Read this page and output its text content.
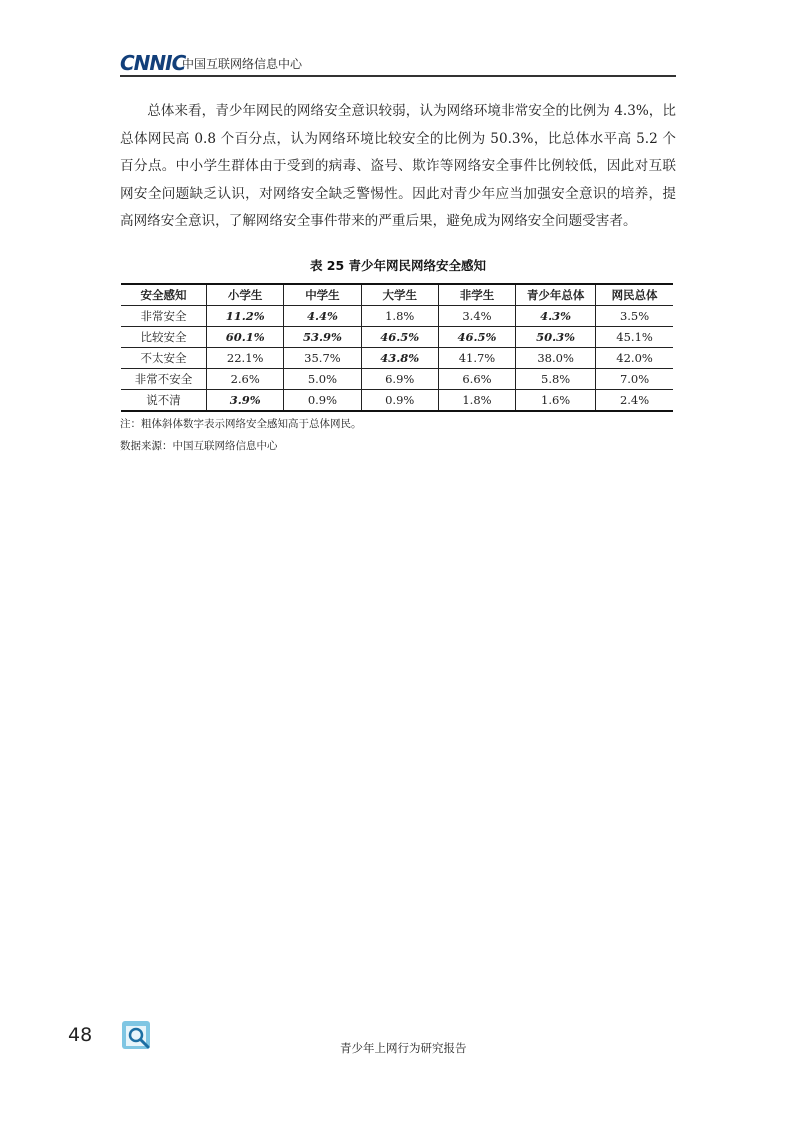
CNNIC
中国互联网络信息中心

总体来看，青少年网民的网络安全意识较弱，认为网络环境非常安全的比例为 4.3%，比总体网民高 0.8 个百分点，认为网络环境比较安全的比例为 50.3%，比总体水平高 5.2 个百分点。中小学生群体由于受到的病毒、盗号、欺诈等网络安全事件比例较低，因此对互联网安全问题缺乏认识，对网络安全缺乏警惕性。因此对青少年应当加强安全意识的培养，提高网络安全意识，了解网络安全事件带来的严重后果，避免成为网络安全问题受害者。

表 25 青少年网民网络安全感知
安全感知	小学生	中学生	大学生	非学生	青少年总体	网民总体
非常安全	11.2%	4.4%	1.8%	3.4%	4.3%	3.5%
比较安全	60.1%	53.9%	46.5%	46.5%	50.3%	45.1%
不太安全	22.1%	35.7%	43.8%	41.7%	38.0%	42.0%
非常不安全	2.6%	5.0%	6.9%	6.6%	5.8%	7.0%
说不清	3.9%	0.9%	0.9%	1.8%	1.6%	2.4%
注：粗体斜体数字表示网络安全感知高于总体网民。
数据来源：中国互联网络信息中心
48
青少年上网行为研究报告
